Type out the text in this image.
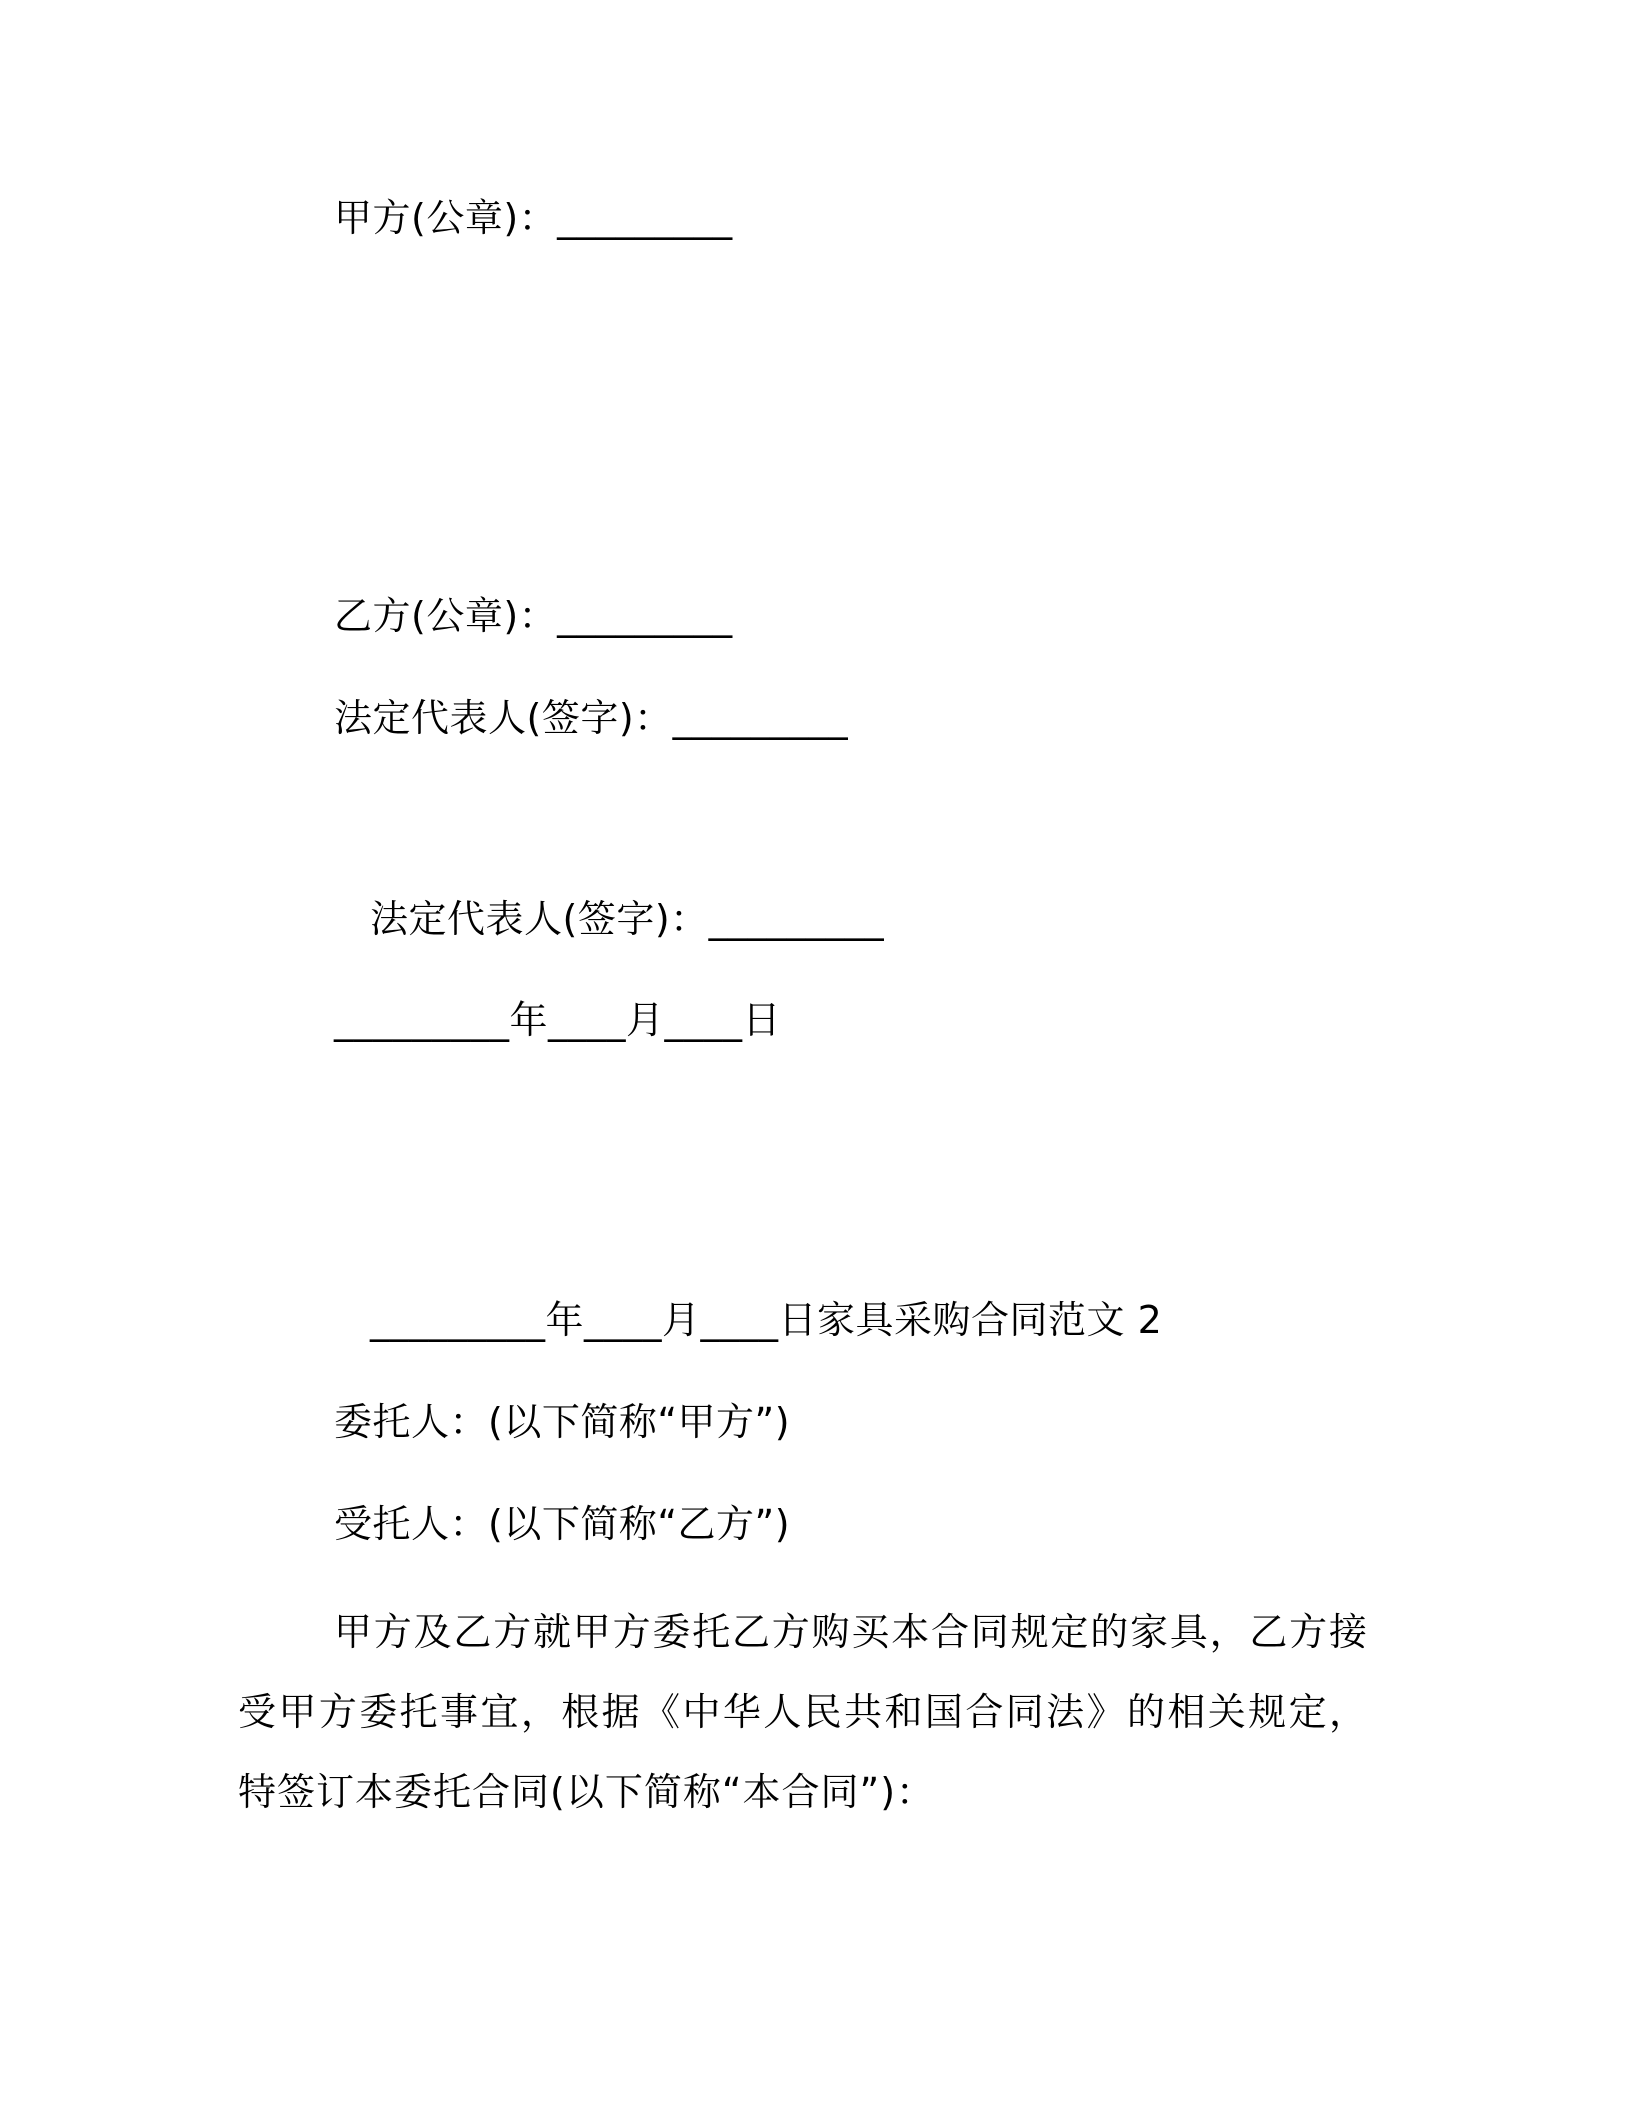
甲方(公章)：_________
乙方(公章)：_________
法定代表人(签字)：_________
法定代表人(签字)：_________
_________年____月____日
_________年____月____日家具采购合同范文 2
委托人：(以下简称“甲方”)
受托人：(以下简称“乙方”)
甲方及乙方就甲方委托乙方购买本合同规定的家具，乙方接受甲方委托事宜，根据《中华人民共和国合同法》的相关规定，特签订本委托合同(以下简称“本合同”)：
